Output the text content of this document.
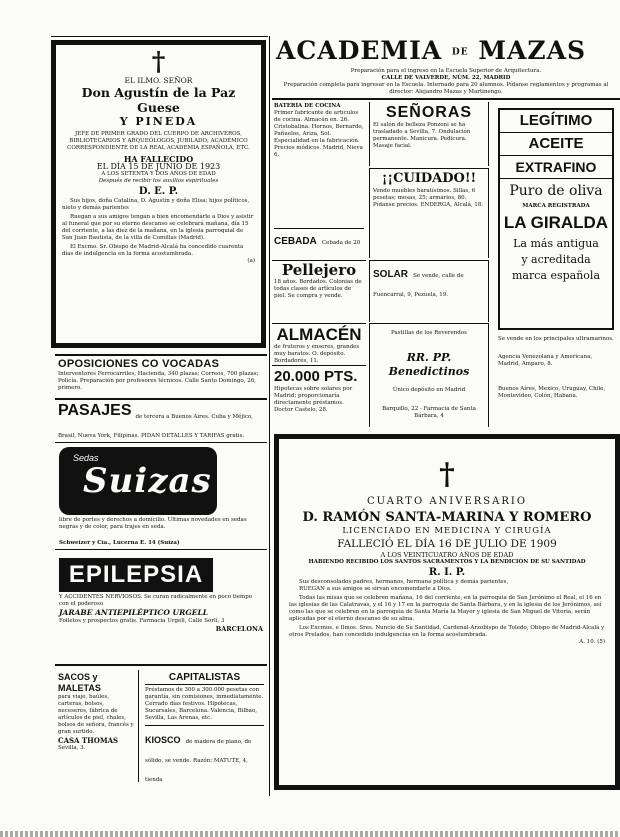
†
EL ILMO. SEÑOR
Don Agustín de la Paz Guese
Y PINEDA
JEFE DE PRIMER GRADO DEL CUERPO DE ARCHIVEROS, BIBLIOTECARIOS Y ARQUEÓLOGOS, JUBILADO; ACADÉMICO CORRESPONDIENTE DE LA REAL ACADEMIA ESPAÑOLA, ETC.
HA FALLECIDO
EL DÍA 15 DE JUNIO DE 1923
A LOS SETENTA Y DOS AÑOS DE EDAD
Después de recibir los auxilios espirituales
D. E. P.
Sus hijos, doña Catalina, D. Agustín y doña Elisa; hijos políticos, nieto y demás parientes
Ruegan a sus amigos tengan a bien encomendarle a Dios y asistir al funeral que por su eterno descanso se celebrará mañana, día 15 del corriente, a las diez de la mañana, en la iglesia parroquial de San Juan Bautista, de la villa de Comillas (Madrid).
El Excmo. Sr. Obispo de Madrid-Alcalá ha concedido cuarenta días de indulgencia en la forma acostumbrada.
(a)
OPOSICIONES CO VOCADAS
Interventores Ferrocarriles, Hacienda, 340 plazas; Correos, 700 plazas; Policía. Preparación por profesores técnicos. Calle Santo Domingo, 26, primero.
PASAJES de tercera a Buenos Aires. Cuba y Méjico, Brasil, Nueva York, Filipinas. PIDAN DETALLES Y TARIFAS gratis.
Sedas
Suizas
libre de portes y derechos a domicilio. Últimas novedades en sedas negras y de color, para trajes en seda.
Schweizer y Cía., Lucerna E. 14 (Suiza)
EPILEPSIA
Y ACCIDENTES NERVIOSOS. Se curan radicalmente en poco tiempo con el poderoso
JARABE ANTIEPILÉPTICO URGELL
Folletos y prospectos gratis. Farmacia Urgell, Calle Sorlí, 3
BARCELONA
SACOS y MALETAS
para viaje, baúles, carteras, bolsos, neceseres, fábrica de artículos de piel, chales, bolsos de señora, francés y gran surtido.
CASA THOMAS
Sevilla, 3.
CAPITALISTAS
Préstamos de 300 a 300.000 pesetas con garantía, sin comisiones, inmediatamente. Cerrado días festivos. Hipotecas, Sucursales, Barcelona. Valencia, Bilbao, Sevilla, Las Arenas, etc.
KIOSCO de madera de piano, de sólido, se vende. Razón: MATUTE, 4, tienda
ACADEMIA DE MAZAS
Preparación para el ingreso en la Escuela Superior de Arquitectura.
CALLE DE VALVERDE, NÚM. 22, MADRID
Preparación completa para ingresar en la Escuela. Internado para 20 alumnos. Pídanse reglamentos y programas al director: Alejandro Mazas y Martinengo.
BATERÍA DE COCINA
Primer fabricante de artículos de cocina. Almacén en. 26. Cristobalina. Hornos, Bernardo, Pañuelos, Ariza, Sol. Especialidad en la fabricación. Precios módicos. Madrid, Nieva 6.
CEBADA Cebada de 20
Pellejero
18 años. Bordados. Colonias de todas clases de artículos de piel. Se compra y vende.
ALMACÉN
de fruteros y enseres, grandes muy baratos. O. depósito. Bordadores, 11.
20.000 PTS.
Hipotecas sobre solares por Madrid; proporcionaría directamente préstamos. Doctor Castelo, 28.
SEÑORAS
El salón de belleza Ponzoni se ha trasladado a Sevilla, 7. Ondulación permanente. Manicura. Pedicura. Masaje facial.
¡¡CUIDADO!!
Vendo muebles baratísimos. Sillas, 6 pesetas; mesas, 25; armarios, 80. Pídanse precios. ENDERGA, Alcalá, 18.
SOLAR Se vende, calle de Fuencarral, 9, Pezuela, 19.
Pastillas de los Reverendos
RR. PP. Benedictinos
Único depósito en Madrid
Barquillo, 22 - Farmacia de Santa Bárbara, 4
LEGÍTIMO
ACEITE
EXTRAFINO
Puro de oliva
MARCA REGISTRADA
LA GIRALDA
La más antigua
y acreditada
marca española
Se vende en los principales ultramarinos.
Agencia Venezolana y Americana, Madrid, Amparo, 8.
Buenos Aires, Mexico, Uruguay, Chile, Montevideo, Colón, Habana.
†
CUARTO ANIVERSARIO
D. RAMÓN SANTA-MARINA Y ROMERO
LICENCIADO EN MEDICINA Y CIRUGÍA
FALLECIÓ EL DÍA 16 DE JULIO DE 1909
A LOS VEINTICUATRO AÑOS DE EDAD
HABIENDO RECIBIDO LOS SANTOS SACRAMENTOS Y LA BENDICIÓN DE SU SANTIDAD
R. I. P.
Sus desconsolados padres, hermanos, hermana política y demás parientes,
RUEGAN a sus amigos se sirvan encomendarle a Dios.
Todas las misas que se celebren mañana, 16 del corriente, en la parroquia de San Jerónimo el Real, el 16 en las iglesias de las Calatravas, y el 16 y 17 en la parroquia de Santa Bárbara, y en la iglesia de los Jerónimos, así como las que se celebren en la parroquia de Santa María la Mayor y iglesia de San Miguel de Vitoria, serán aplicadas por el eterno descanso de su alma.
Los Excmos. e Ilmos. Sres. Nuncio de Su Santidad, Cardenal-Arzobispo de Toledo, Obispo de Madrid-Alcalá y otros Prelados, han concedido indulgencias en la forma acostumbrada.
A. 10. (5)
